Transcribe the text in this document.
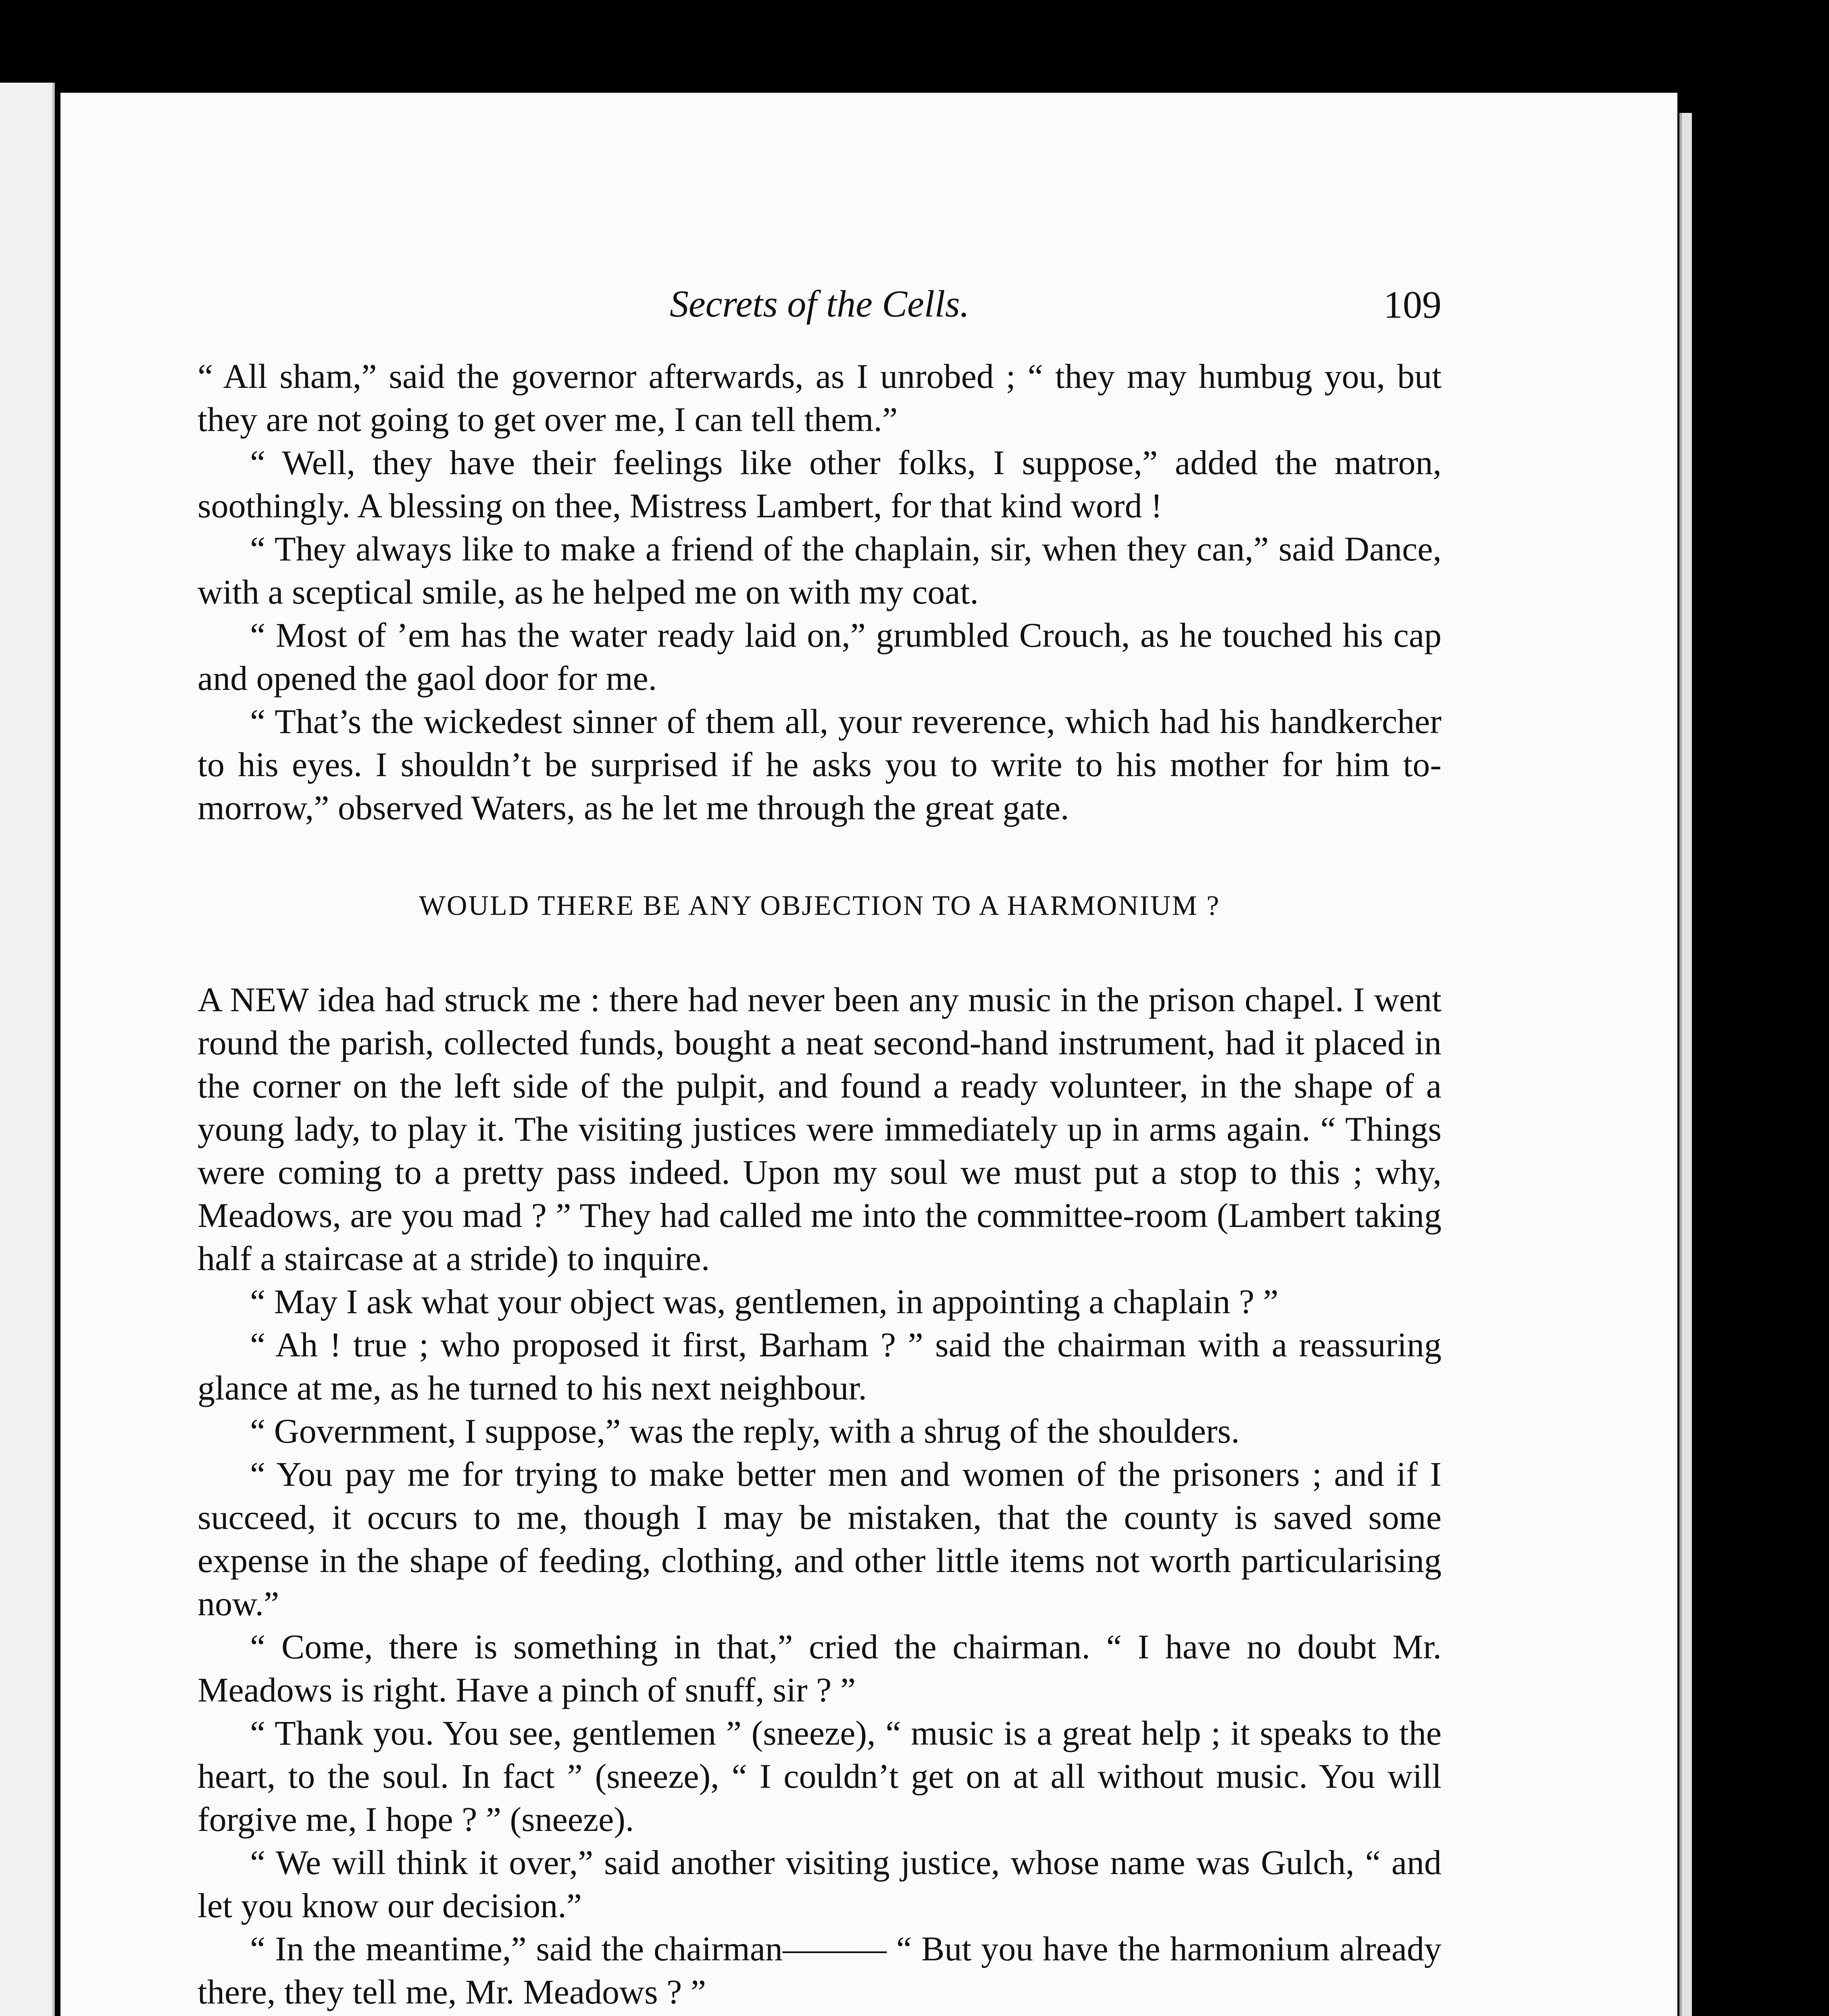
Secrets of the Cells.	109

“ All sham,” said the governor afterwards, as I unrobed ; “ they may humbug you, but they are not going to get over me, I can tell them.”

“ Well, they have their feelings like other folks, I suppose,” added the matron, soothingly. A blessing on thee, Mistress Lambert, for that kind word !

“ They always like to make a friend of the chaplain, sir, when they can,” said Dance, with a sceptical smile, as he helped me on with my coat.

“ Most of ’em has the water ready laid on,” grumbled Crouch, as he touched his cap and opened the gaol door for me.

“ That’s the wickedest sinner of them all, your reverence, which had his handkercher to his eyes. I shouldn’t be surprised if he asks you to write to his mother for him to-morrow,” observed Waters, as he let me through the great gate.

WOULD THERE BE ANY OBJECTION TO A HARMONIUM ?

A NEW idea had struck me : there had never been any music in the prison chapel. I went round the parish, collected funds, bought a neat second-hand instrument, had it placed in the corner on the left side of the pulpit, and found a ready volunteer, in the shape of a young lady, to play it. The visiting justices were immediately up in arms again. “ Things were coming to a pretty pass indeed. Upon my soul we must put a stop to this ; why, Meadows, are you mad ? ” They had called me into the committee-room (Lambert taking half a staircase at a stride) to inquire.

“ May I ask what your object was, gentlemen, in appointing a chaplain ? ”

“ Ah ! true ; who proposed it first, Barham ? ” said the chairman with a reassuring glance at me, as he turned to his next neighbour.

“ Government, I suppose,” was the reply, with a shrug of the shoulders.

“ You pay me for trying to make better men and women of the prisoners ; and if I succeed, it occurs to me, though I may be mistaken, that the county is saved some expense in the shape of feeding, clothing, and other little items not worth particularising now.”

“ Come, there is something in that,” cried the chairman. “ I have no doubt Mr. Meadows is right. Have a pinch of snuff, sir ? ”

“ Thank you. You see, gentlemen ” (sneeze), “ music is a great help ; it speaks to the heart, to the soul. In fact ” (sneeze), “ I couldn’t get on at all without music. You will forgive me, I hope ? ” (sneeze).

“ We will think it over,” said another visiting justice, whose name was Gulch, “ and let you know our decision.”

“ In the meantime,” said the chairman——— “ But you have the harmonium already there, they tell me, Mr. Meadows ? ”
